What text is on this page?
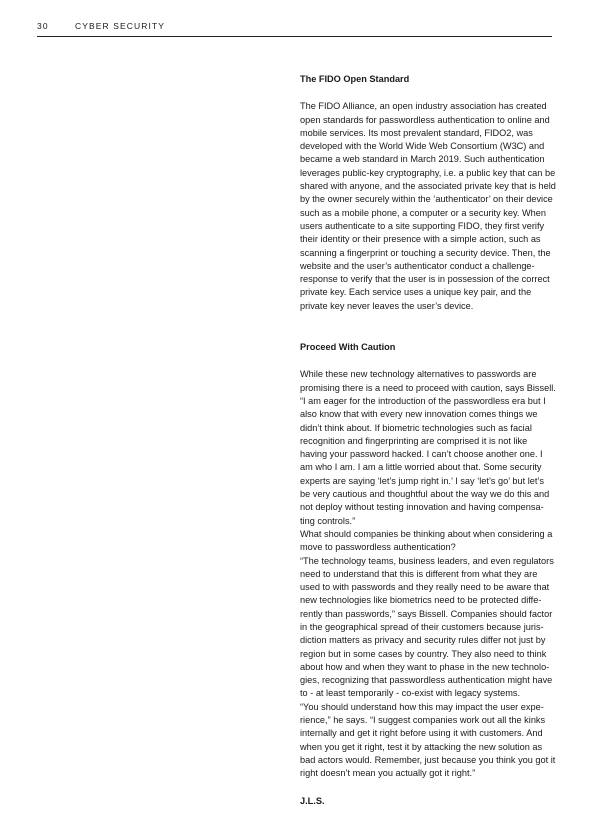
30	CYBER SECURITY

The FIDO Open Standard

The FIDO Alliance, an open industry association has created open standards for passwordless authentication to online and mobile services. Its most prevalent standard, FIDO2, was developed with the World Wide Web Consortium (W3C) and became a web standard in March 2019. Such authentication leverages public-key cryptography, i.e. a public key that can be shared with anyone, and the associated private key that is held by the owner securely within the ‘authenticator’ on their device such as a mobile phone, a computer or a security key. When users authenticate to a site supporting FIDO, they first verify their identity or their presence with a simple action, such as scanning a fingerprint or touching a security device. Then, the website and the user’s authenticator conduct a challenge-response to verify that the user is in possession of the correct private key. Each service uses a unique key pair, and the private key never leaves the user’s device.

Proceed With Caution

While these new technology alternatives to passwords are promising there is a need to proceed with caution, says Bissell. “I am eager for the introduction of the passwordless era but I also know that with every new innovation comes things we didn’t think about. If biometric technologies such as facial recognition and fingerprinting are comprised it is not like having your password hacked. I can’t choose another one. I am who I am. I am a little worried about that. Some security experts are saying ‘let’s jump right in.’ I say ‘let’s go’ but let’s be very cautious and thoughtful about the way we do this and not deploy without testing innovation and having compensa-ting controls.”

What should companies be thinking about when considering a move to passwordless authentication?

“The technology teams, business leaders, and even regulators need to understand that this is different from what they are used to with passwords and they really need to be aware that new technologies like biometrics need to be protected diffe-rently than passwords,” says Bissell. Companies should factor in the geographical spread of their customers because juris-diction matters as privacy and security rules differ not just by region but in some cases by country. They also need to think about how and when they want to phase in the new technolo-gies, recognizing that passwordless authentication might have to - at least temporarily - co-exist with legacy systems.

“You should understand how this may impact the user expe-rience,” he says. “I suggest companies work out all the kinks internally and get it right before using it with customers. And when you get it right, test it by attacking the new solution as bad actors would. Remember, just because you think you got it right doesn’t mean you actually got it right.”

J.L.S.
